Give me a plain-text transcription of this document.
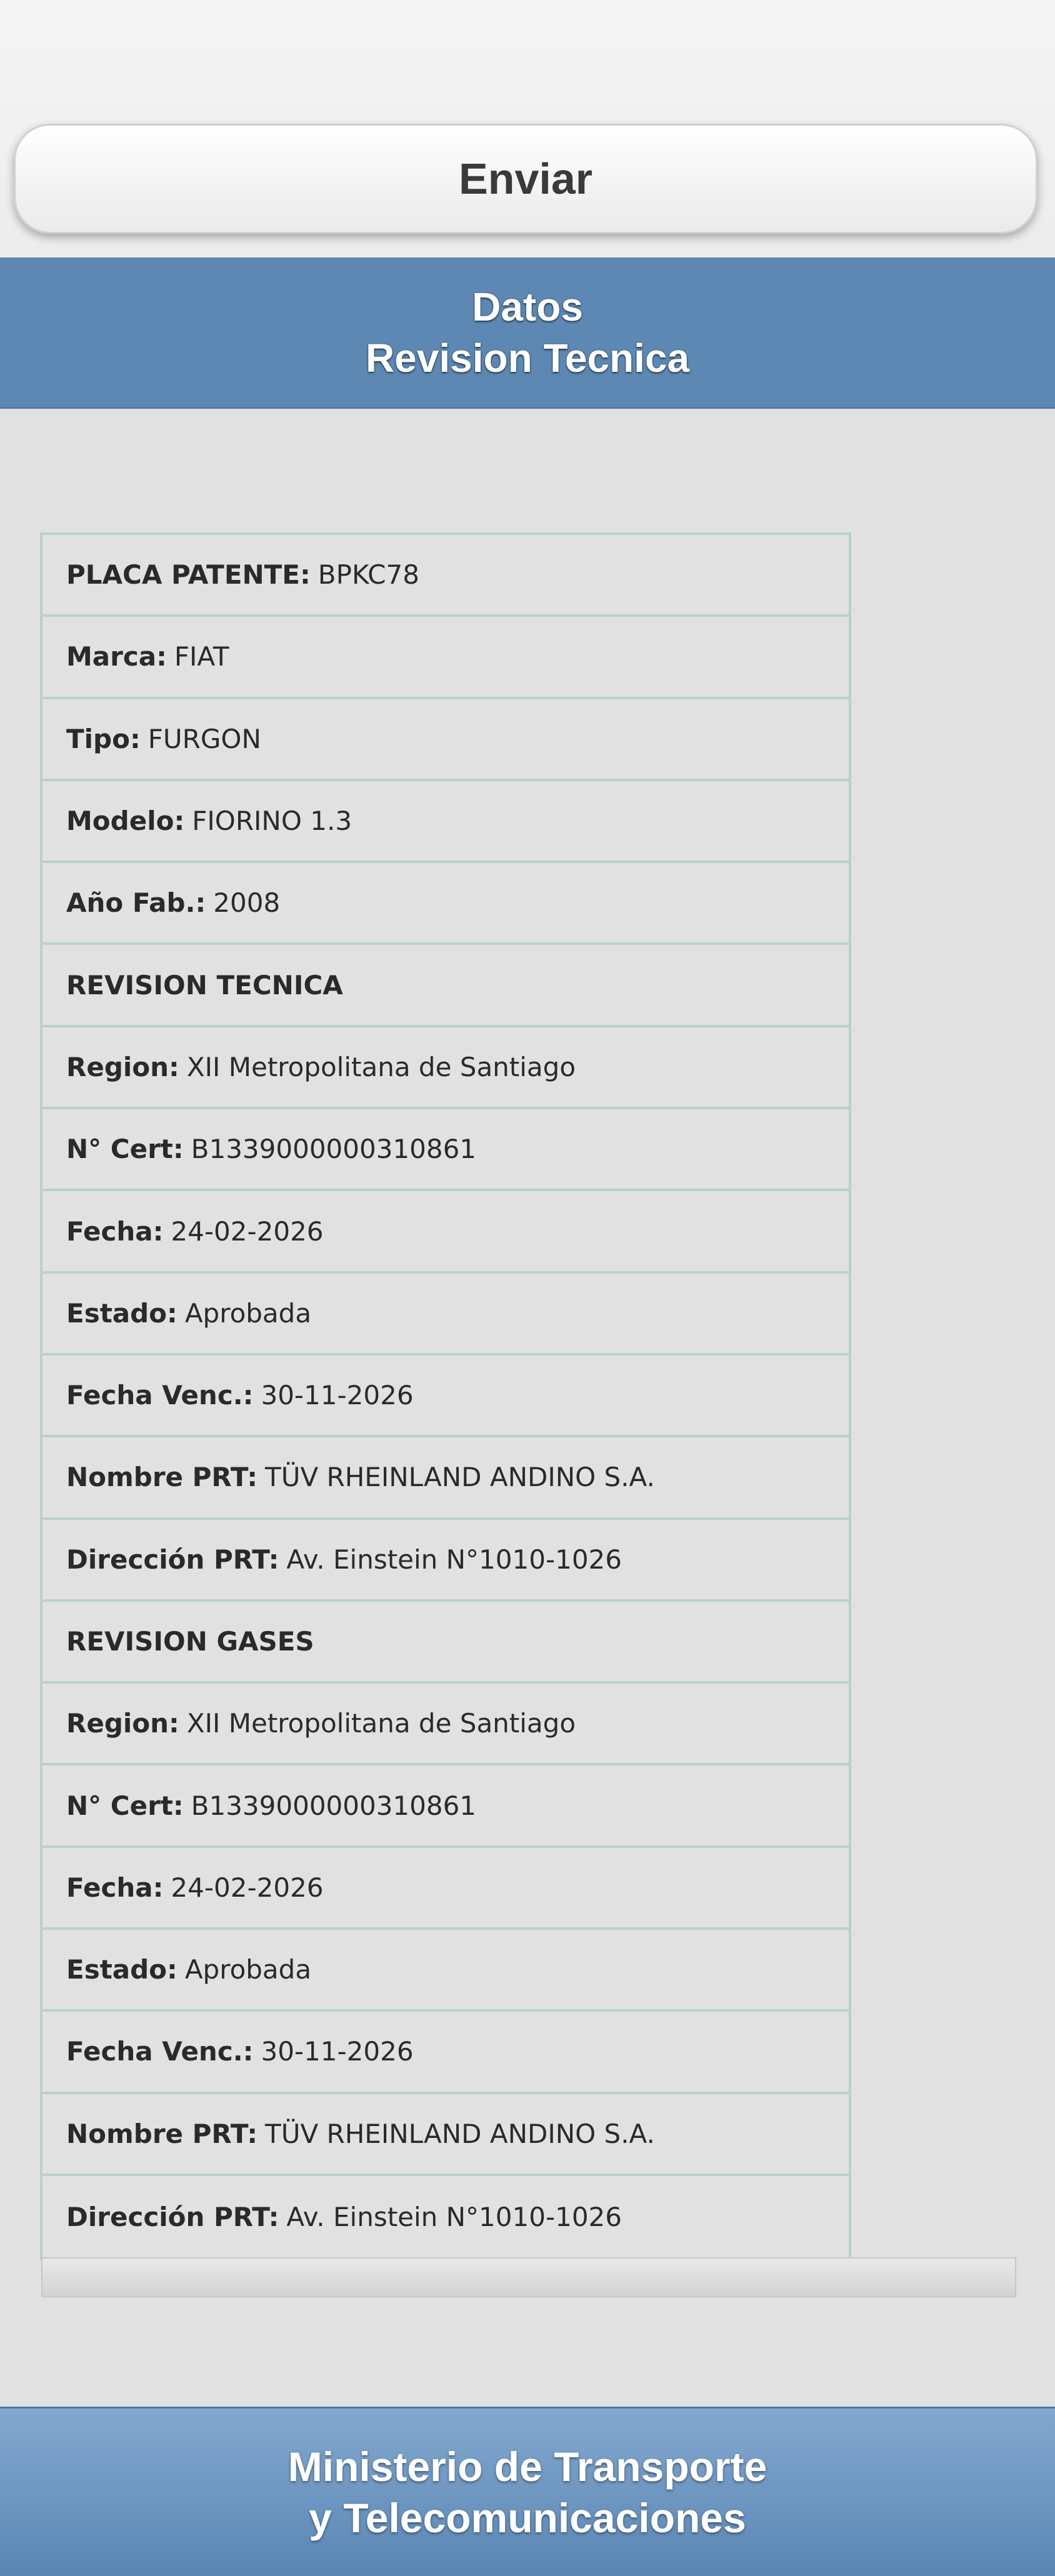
Enviar
Datos
Revision Tecnica
PLACA PATENTE: BPKC78
Marca: FIAT
Tipo: FURGON
Modelo: FIORINO 1.3
Año Fab.: 2008
REVISION TECNICA
Region: XII Metropolitana de Santiago
N° Cert: B1339000000310861
Fecha: 24-02-2026
Estado: Aprobada
Fecha Venc.: 30-11-2026
Nombre PRT: TÜV RHEINLAND ANDINO S.A.
Dirección PRT: Av. Einstein N°1010-1026
REVISION GASES
Region: XII Metropolitana de Santiago
N° Cert: B1339000000310861
Fecha: 24-02-2026
Estado: Aprobada
Fecha Venc.: 30-11-2026
Nombre PRT: TÜV RHEINLAND ANDINO S.A.
Dirección PRT: Av. Einstein N°1010-1026
Ministerio de Transporte
y Telecomunicaciones
